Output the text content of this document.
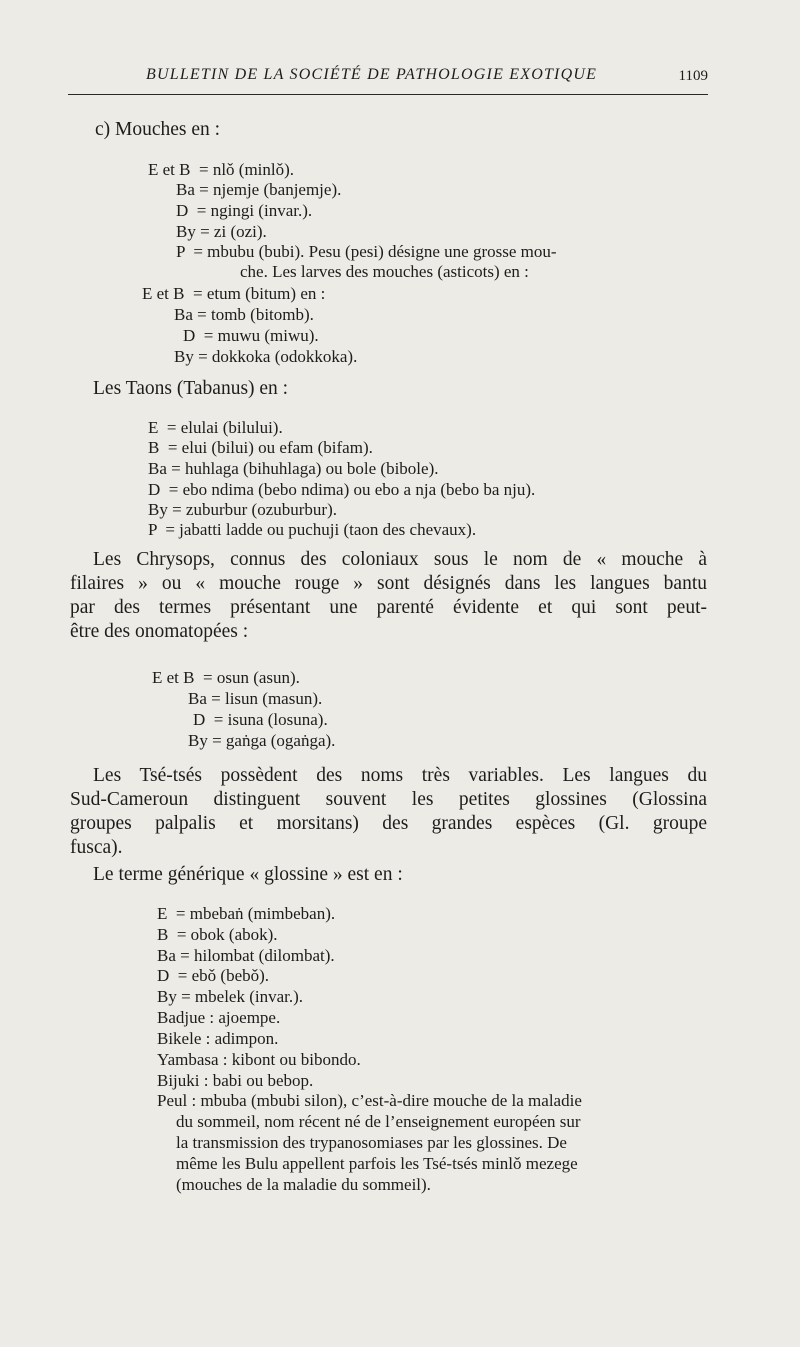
BULLETIN DE LA SOCIÉTÉ DE PATHOLOGIE EXOTIQUE	1109
c) Mouches en :
E et B  = nlǒ (minlǒ).
Ba = njemje (banjemje).
D  = ngingi (invar.).
By = zi (ozi).
P  = mbubu (bubi). Pesu (pesi) désigne une grosse mou-
che. Les larves des mouches (asticots) en :
E et B  = etum (bitum) en :
Ba = tomb (bitomb).
D  = muwu (miwu).
By = dokkoka (odokkoka).
Les Taons (Tabanus) en :
E  = elulai (bilului).
B  = elui (bilui) ou efam (bifam).
Ba = huhlaga (bihuhlaga) ou bole (bibole).
D  = ebo ndima (bebo ndima) ou ebo a nja (bebo ba nju).
By = zuburbur (ozuburbur).
P  = jabatti ladde ou puchuji (taon des chevaux).
Les Chrysops, connus des coloniaux sous le nom de « mouche à
filaires » ou « mouche rouge » sont désignés dans les langues bantu
par des termes présentant une parenté évidente et qui sont peut-
être des onomatopées :
E et B  = osun (asun).
Ba = lisun (masun).
D  = isuna (losuna).
By = gaṅga (ogaṅga).
Les Tsé-tsés possèdent des noms très variables. Les langues du
Sud-Cameroun distinguent souvent les petites glossines (Glossina
groupes palpalis et morsitans) des grandes espèces (Gl. groupe
fusca).
Le terme générique « glossine » est en :
E  = mbebaṅ (mimbeban).
B  = obok (abok).
Ba = hilombat (dilombat).
D  = ebǒ (bebǒ).
By = mbelek (invar.).
Badjue : ajoempe.
Bikele : adimpon.
Yambasa : kibont ou bibondo.
Bijuki : babi ou bebop.
Peul : mbuba (mbubi silon), c’est-à-dire mouche de la maladie
du sommeil, nom récent né de l’enseignement européen sur
la transmission des trypanosomiases par les glossines. De
même les Bulu appellent parfois les Tsé-tsés minlǒ mezege
(mouches de la maladie du sommeil).
